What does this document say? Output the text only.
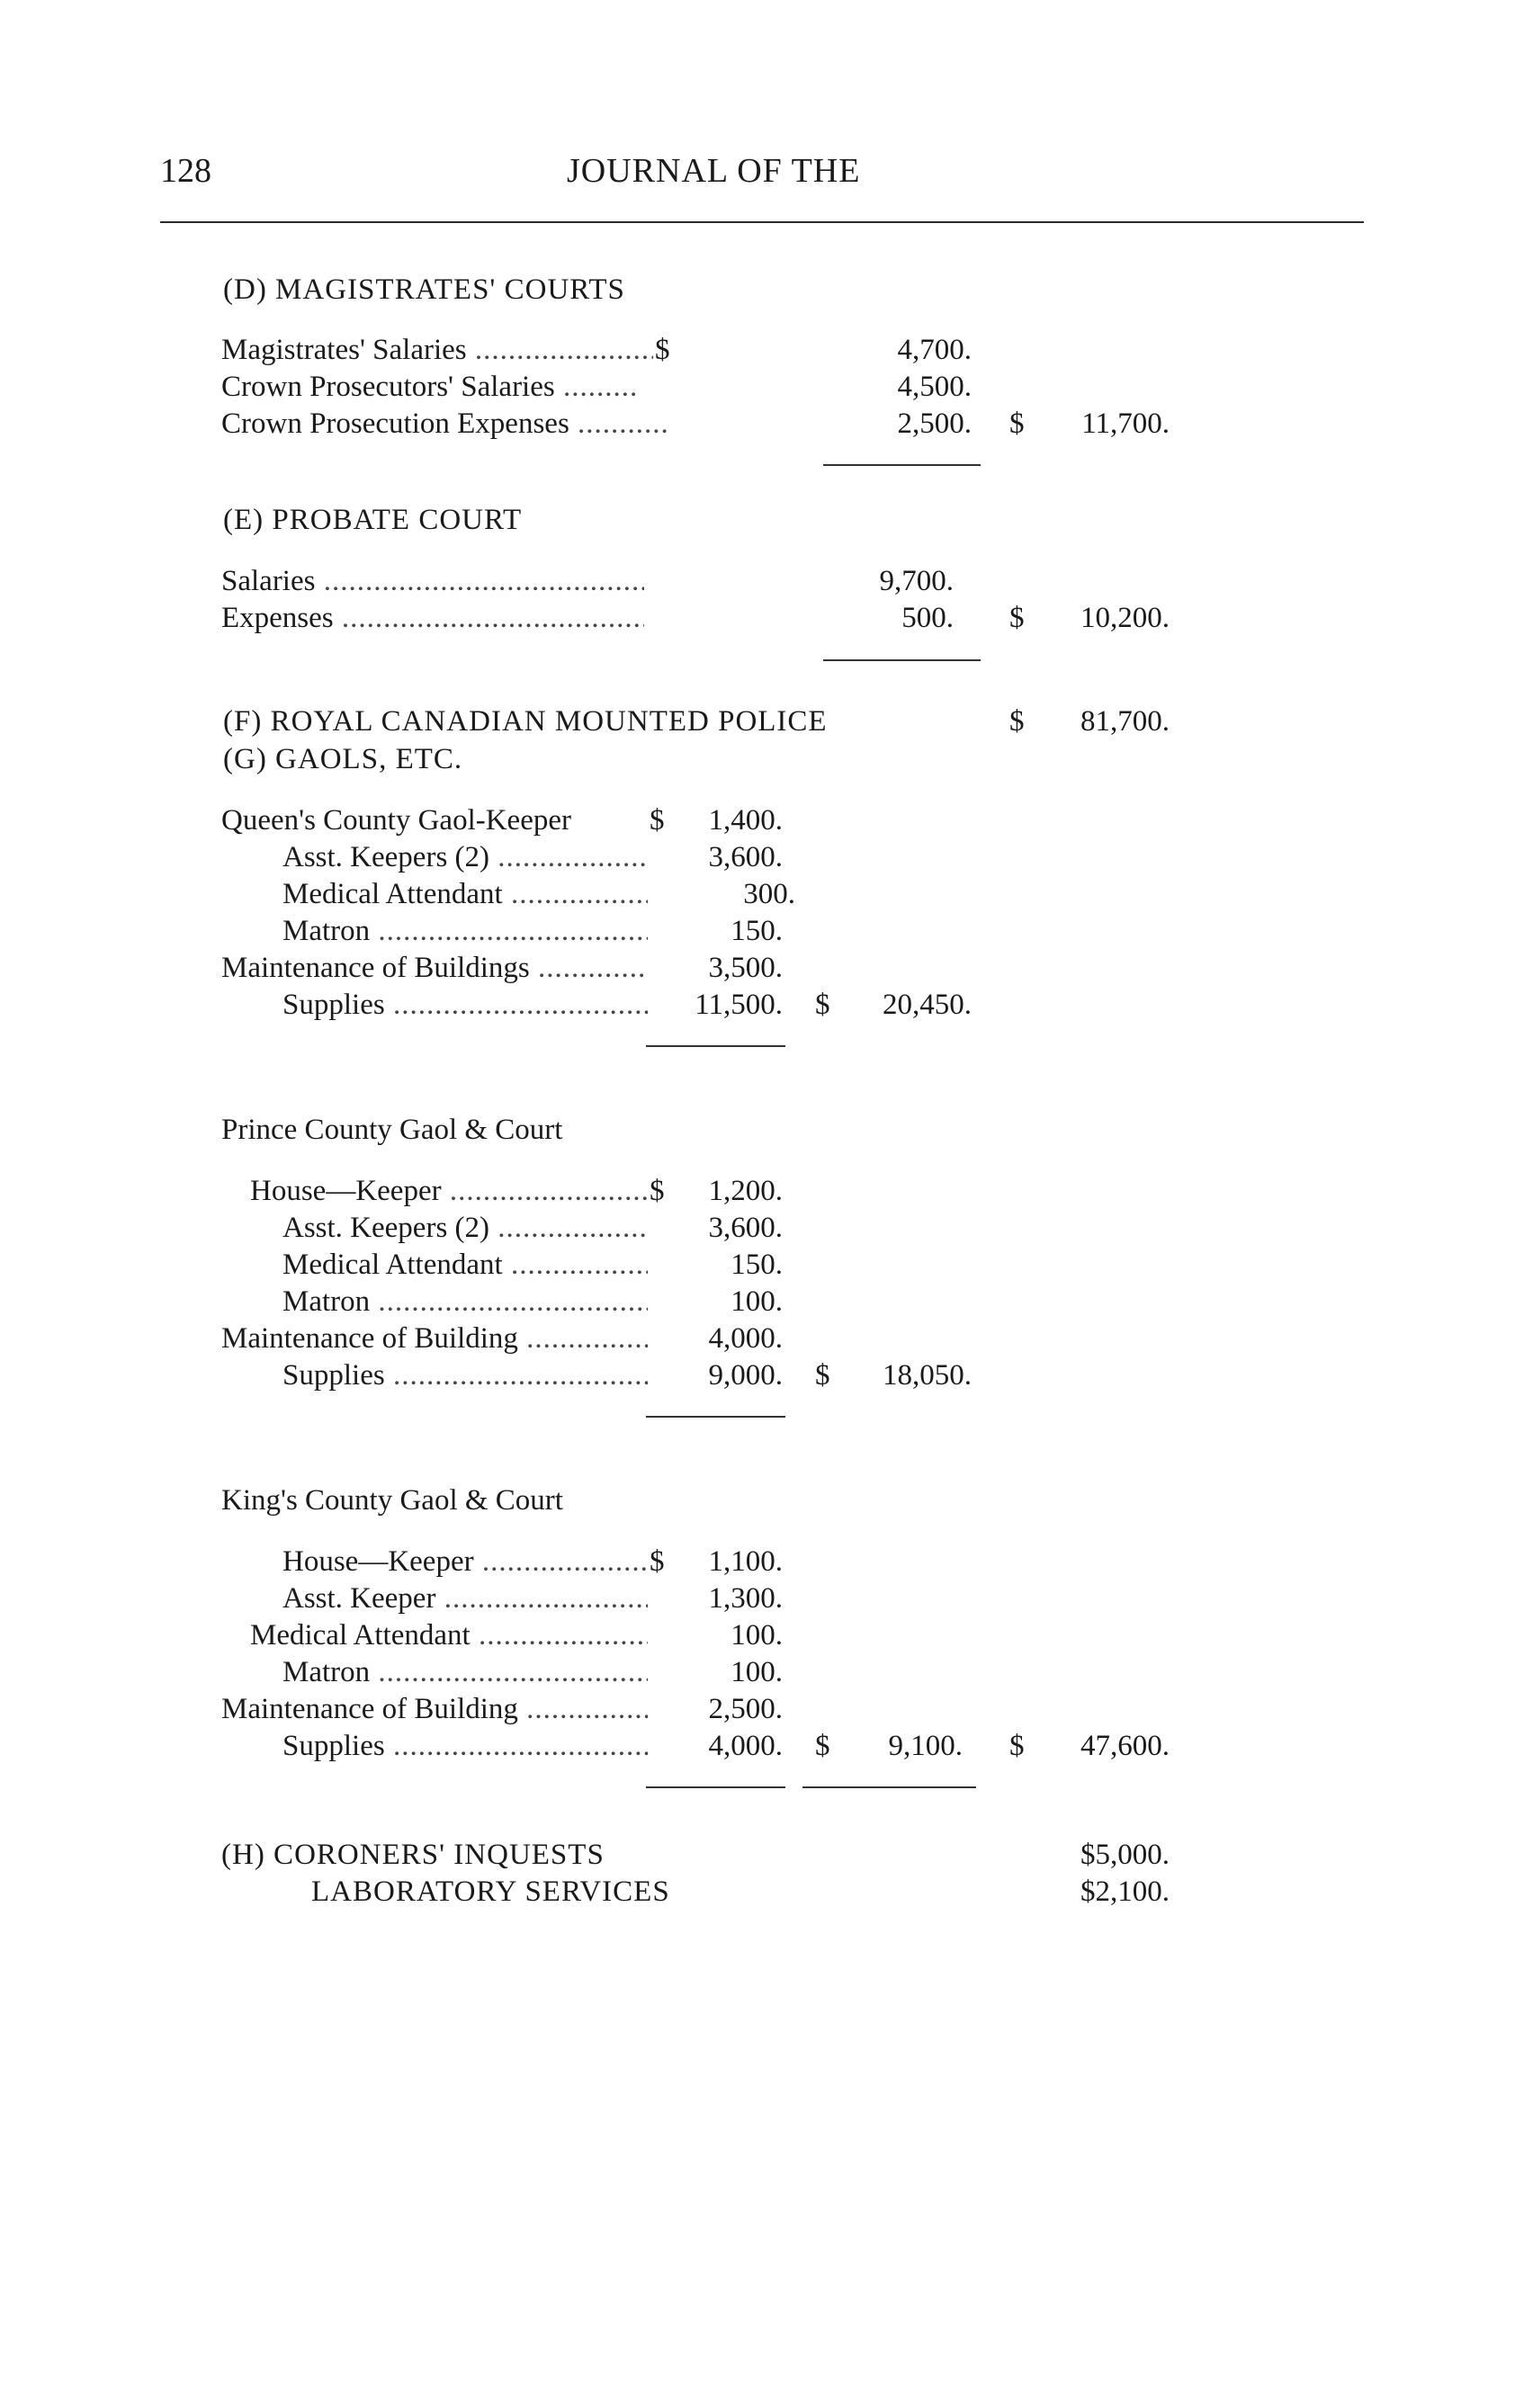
128	JOURNAL OF THE
(D) MAGISTRATES' COURTS
Magistrates' Salaries .....	$	4,700.
Crown Prosecutors' Salaries .....	4,500.
Crown Prosecution Expenses .....	2,500. $	11,700.
(E) PROBATE COURT
Salaries .....	9,700.
Expenses .....	500. $	10,200.
(F) ROYAL CANADIAN MOUNTED POLICE	$	81,700.
(G) GAOLS, ETC.
Queen's County Gaol-Keeper	$	1,400.
Asst. Keepers (2) .....	3,600.
Medical Attendant .....	300.
Matron .....	150.
Maintenance of Buildings .....	3,500.
Supplies .....	11,500. $	20,450.
Prince County Gaol & Court
House—Keeper .....	$	1,200.
Asst. Keepers (2) .....	3,600.
Medical Attendant .....	150.
Matron .....	100.
Maintenance of Building .....	4,000.
Supplies .....	9,000. $	18,050.
King's County Gaol & Court
House—Keeper .....	$	1,100.
Asst. Keeper .....	1,300.
Medical Attendant .....	100.
Matron .....	100.
Maintenance of Building .....	2,500.
Supplies .....	4,000. $	9,100. $	47,600.
(H) CORONERS' INQUESTS	$5,000.
LABORATORY SERVICES	$2,100.
